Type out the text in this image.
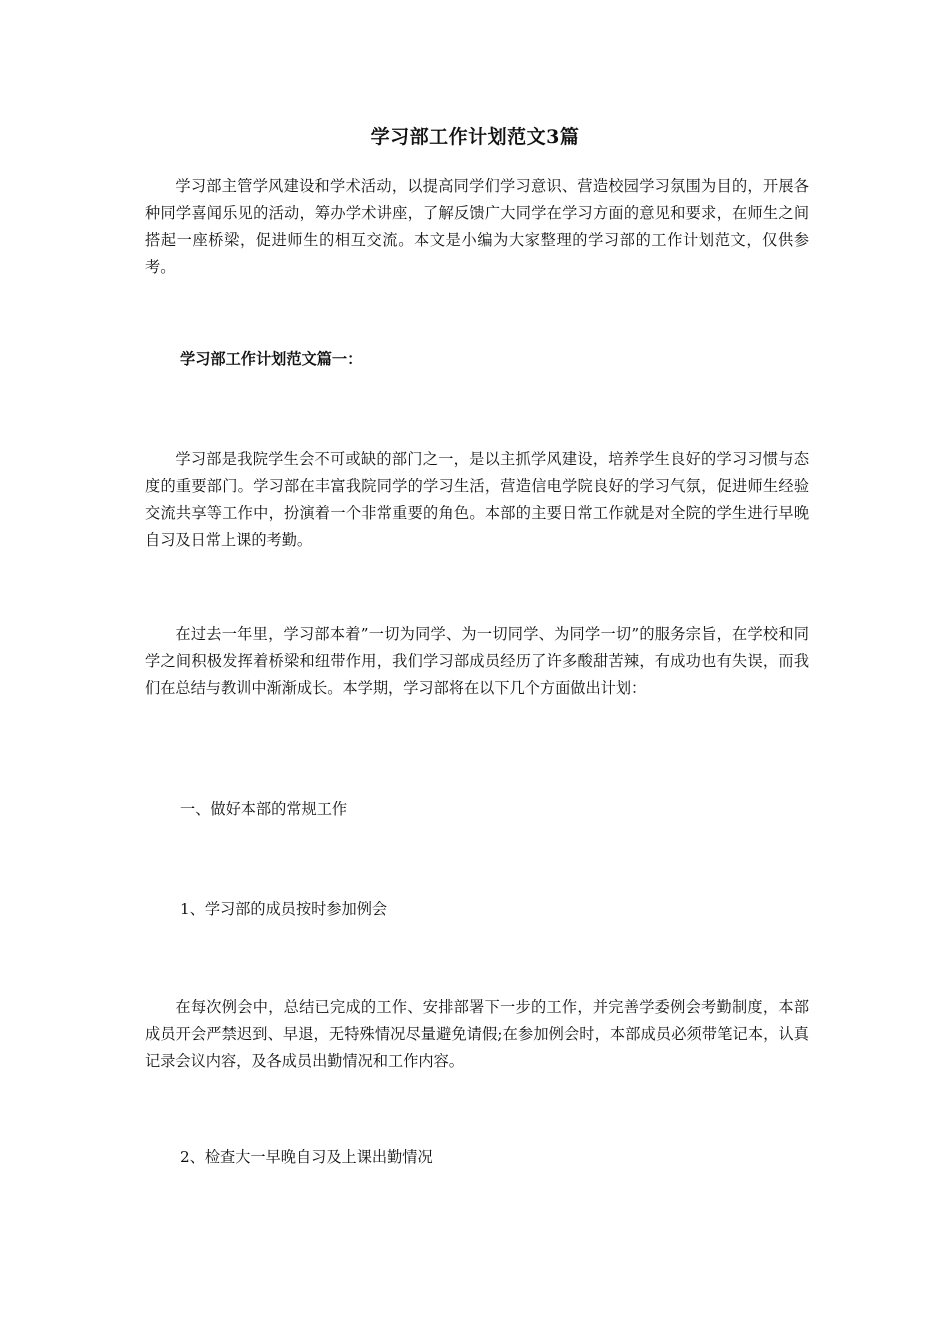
学习部工作计划范文3篇
学习部主管学风建设和学术活动，以提高同学们学习意识、营造校园学习氛围为目的，开展各种同学喜闻乐见的活动，筹办学术讲座，了解反馈广大同学在学习方面的意见和要求，在师生之间搭起一座桥梁，促进师生的相互交流。本文是小编为大家整理的学习部的工作计划范文，仅供参考。
学习部工作计划范文篇一：
学习部是我院学生会不可或缺的部门之一，是以主抓学风建设，培养学生良好的学习习惯与态度的重要部门。学习部在丰富我院同学的学习生活，营造信电学院良好的学习气氛，促进师生经验交流共享等工作中，扮演着一个非常重要的角色。本部的主要日常工作就是对全院的学生进行早晚自习及日常上课的考勤。
在过去一年里，学习部本着”一切为同学、为一切同学、为同学一切”的服务宗旨，在学校和同学之间积极发挥着桥梁和纽带作用，我们学习部成员经历了许多酸甜苦辣，有成功也有失误，而我们在总结与教训中渐渐成长。本学期，学习部将在以下几个方面做出计划：
一、做好本部的常规工作
1、学习部的成员按时参加例会
在每次例会中，总结已完成的工作、安排部署下一步的工作，并完善学委例会考勤制度，本部成员开会严禁迟到、早退，无特殊情况尽量避免请假;在参加例会时，本部成员必须带笔记本，认真记录会议内容，及各成员出勤情况和工作内容。
2、检查大一早晚自习及上课出勤情况
